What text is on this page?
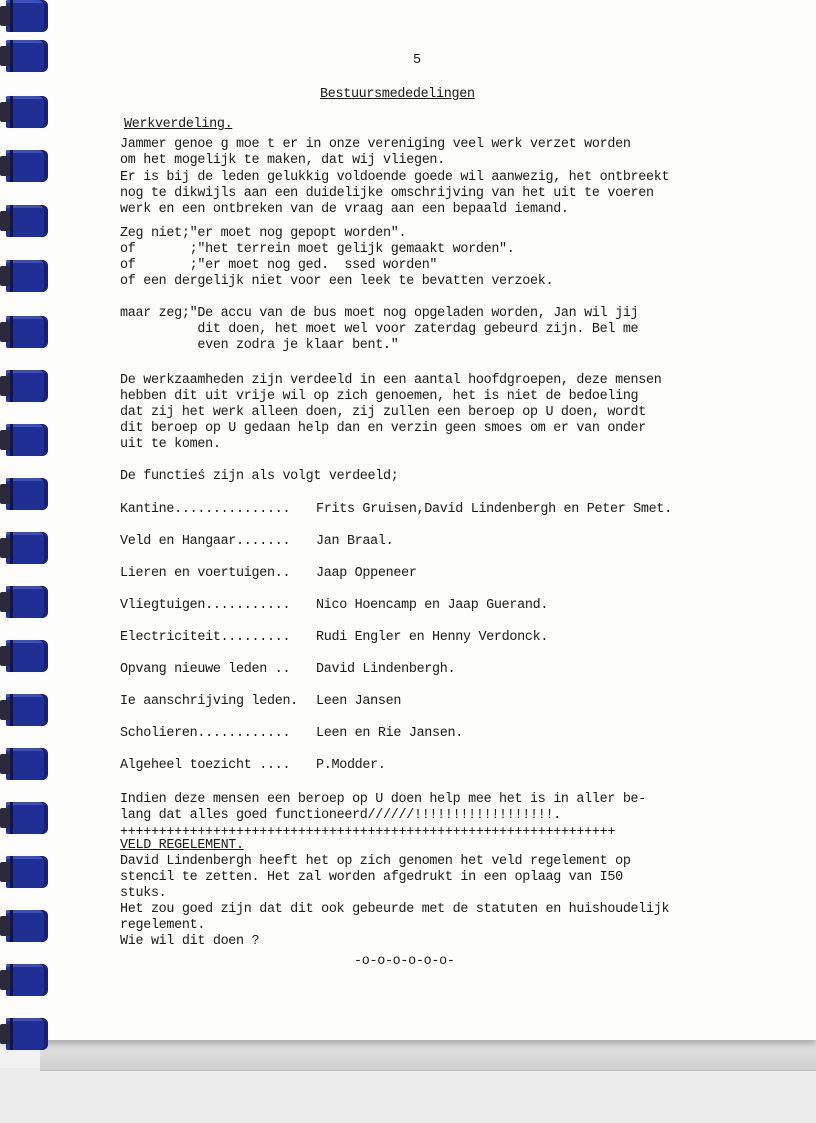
5
Bestuursmededelingen
Werkverdeling.
Jammer genoe g moe t er in onze vereniging veel werk verzet worden
om het mogelijk te maken, dat wij vliegen.
Er is bij de leden gelukkig voldoende goede wil aanwezig, het ontbreekt
nog te dikwijls aan een duidelijke omschrijving van het uit te voeren
werk en een ontbreken van de vraag aan een bepaald iemand.
Zeg niet;"er moet nog gepopt worden".
of       ;"het terrein moet gelijk gemaakt worden".
of       ;"er moet nog ged.  ssed worden"
of een dergelijk niet voor een leek te bevatten verzoek.
maar zeg;"De accu van de bus moet nog opgeladen worden, Jan wil jij
dit doen, het moet wel voor zaterdag gebeurd zijn. Bel me
even zodra je klaar bent."
De werkzaamheden zijn verdeeld in een aantal hoofdgroepen, deze mensen
hebben dit uit vrije wil op zich genoemen, het is niet de bedoeling
dat zij het werk alleen doen, zij zullen een beroep op U doen, wordt
dit beroep op U gedaan help dan en verzin geen smoes om er van onder
uit te komen.
De functieś zijn als volgt verdeeld;
Kantine............... Frits Gruisen,David Lindenbergh en Peter Smet.
Veld en Hangaar....... Jan Braal.
Lieren en voertuigen.. Jaap Oppeneer
Vliegtuigen........... Nico Hoencamp en Jaap Guerand.
Electriciteit......... Rudi Engler en Henny Verdonck.
Opvang nieuwe leden .. David Lindenbergh.
Ie aanschrijving leden. Leen Jansen
Scholieren............ Leen en Rie Jansen.
Algeheel toezicht .... P.Modder.
Indien deze mensen een beroep op U doen help mee het is in aller be-
lang dat alles goed functioneerd//////!!!!!!!!!!!!!!!!!!.
++++++++++++++++++++++++++++++++++++++++++++++++++++++++++++++++
VELD REGELEMENT.
David Lindenbergh heeft het op zich genomen het veld regelement op
stencil te zetten. Het zal worden afgedrukt in een oplaag van I50
stuks.
Het zou goed zijn dat dit ook gebeurde met de statuten en huishoudelijk
regelement.
Wie wil dit doen ?
-o-o-o-o-o-o-
